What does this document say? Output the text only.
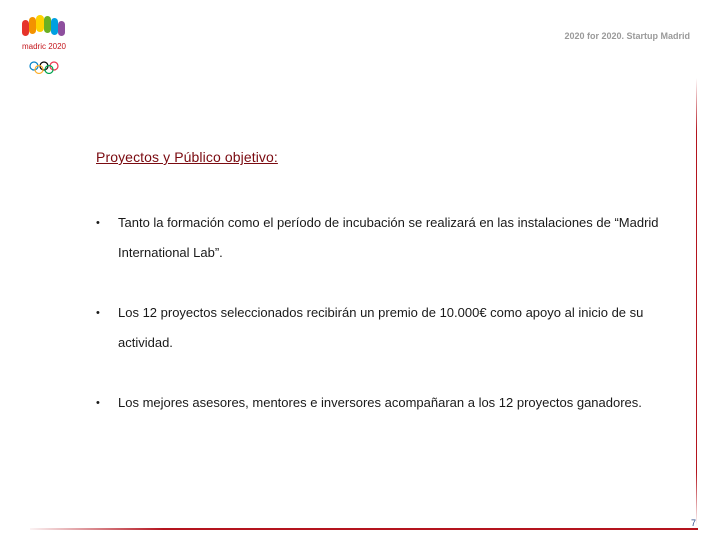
madric 2020
2020 for 2020. Startup Madrid
Proyectos y Público objetivo:
• Tanto la formación como el período de incubación se realizará en las instalaciones de “Madrid International Lab”.
• Los 12 proyectos seleccionados recibirán un premio de 10.000€ como apoyo al inicio de su actividad.
• Los mejores asesores, mentores e inversores acompañaran a los 12 proyectos ganadores.
7
